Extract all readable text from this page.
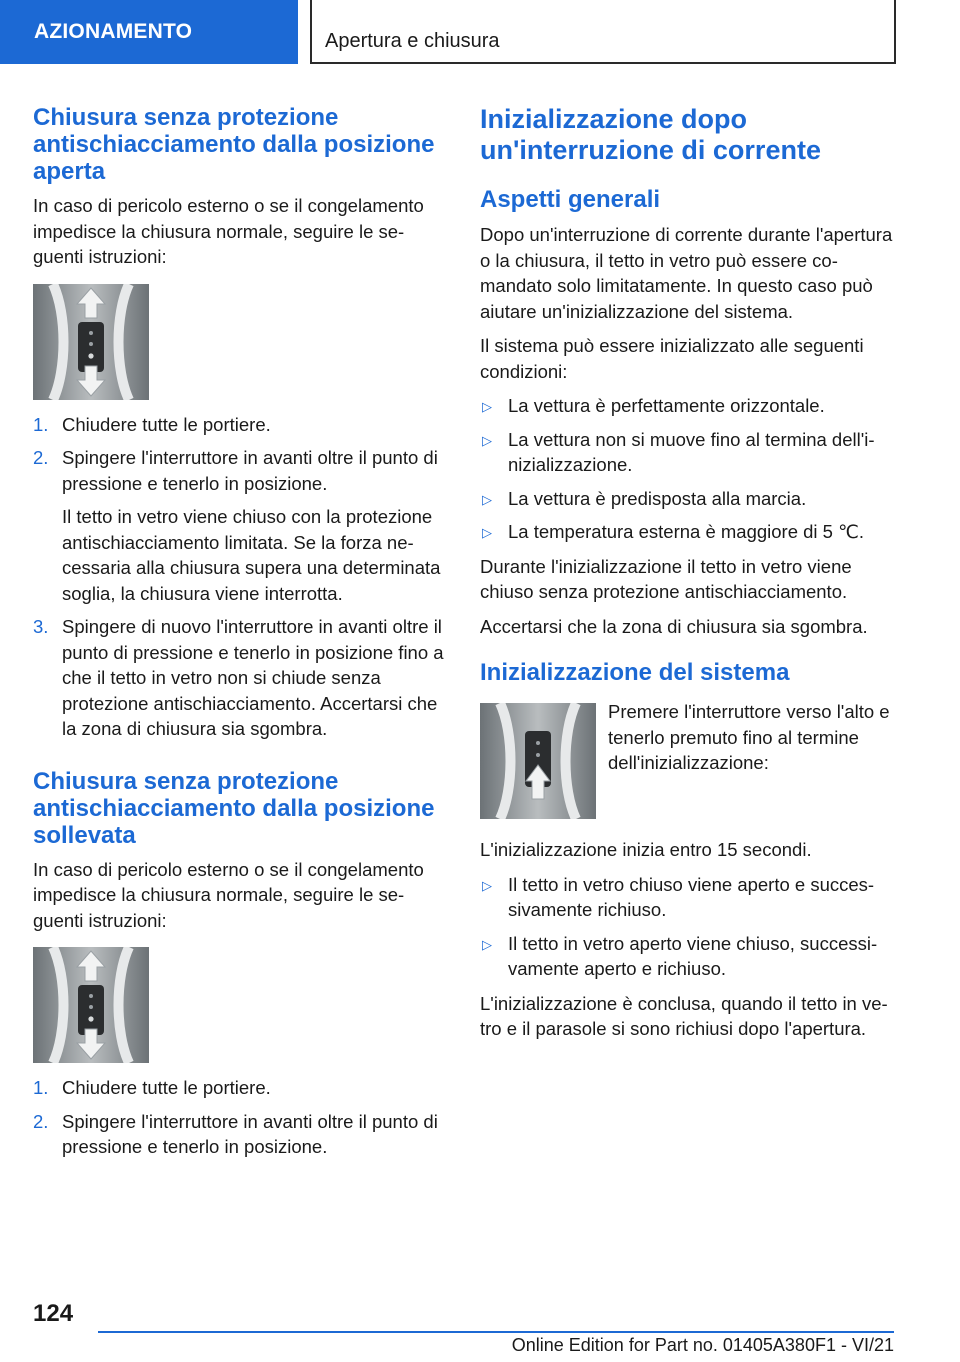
AZIONAMENTO	Apertura e chiusura
Chiusura senza protezione antischiacciamento dalla posizione aperta

In caso di pericolo esterno o se il congelamento impedisce la chiusura normale, seguire le seguenti istruzioni:

1. Chiudere tutte le portiere.
2. Spingere l'interruttore in avanti oltre il punto di pressione e tenerlo in posizione.
Il tetto in vetro viene chiuso con la protezione antischiacciamento limitata. Se la forza necessaria alla chiusura supera una determinata soglia, la chiusura viene interrotta.
3. Spingere di nuovo l'interruttore in avanti oltre il punto di pressione e tenerlo in posizione fino a che il tetto in vetro non si chiude senza protezione antischiacciamento. Accertarsi che la zona di chiusura sia sgombra.
Chiusura senza protezione antischiacciamento dalla posizione sollevata

In caso di pericolo esterno o se il congelamento impedisce la chiusura normale, seguire le seguenti istruzioni:

1. Chiudere tutte le portiere.
2. Spingere l'interruttore in avanti oltre il punto di pressione e tenerlo in posizione.
Inizializzazione dopo un'interruzione di corrente
Aspetti generali

Dopo un'interruzione di corrente durante l'apertura o la chiusura, il tetto in vetro può essere comandato solo limitatamente. In questo caso può aiutare un'inizializzazione del sistema.

Il sistema può essere inizializzato alle seguenti condizioni:

▷ La vettura è perfettamente orizzontale.
▷ La vettura non si muove fino al termina dell'inizializzazione.
▷ La vettura è predisposta alla marcia.
▷ La temperatura esterna è maggiore di 5 ℃.

Durante l'inizializzazione il tetto in vetro viene chiuso senza protezione antischiacciamento.

Accertarsi che la zona di chiusura sia sgombra.

Inizializzazione del sistema

Premere l'interruttore verso l'alto e tenerlo premuto fino al termine dell'inizializzazione:

L'inizializzazione inizia entro 15 secondi.

▷ Il tetto in vetro chiuso viene aperto e successivamente richiuso.
▷ Il tetto in vetro aperto viene chiuso, successivamente aperto e richiuso.

L'inizializzazione è conclusa, quando il tetto in vetro e il parasole si sono richiusi dopo l'apertura.

124
Online Edition for Part no. 01405A380F1 - VI/21
